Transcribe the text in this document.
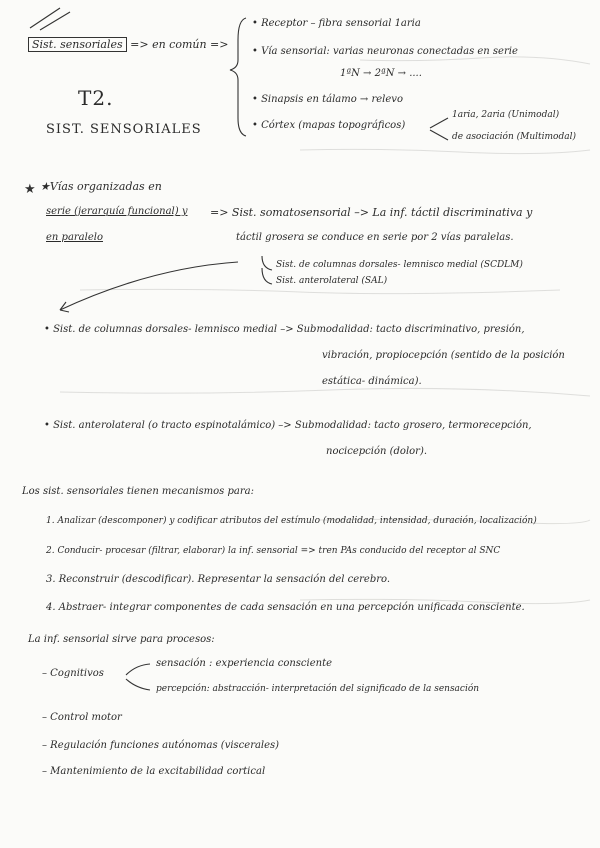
★
Sist. sensoriales => en común =>
T2.
SIST. SENSORIALES
• Receptor – fibra sensorial 1aria
• Vía sensorial: varias neuronas conectadas en serie
1ªN → 2ªN → ....
• Sinapsis en tálamo → relevo
• Córtex (mapas topográficos)
1aria, 2aria (Unimodal)
de asociación (Multimodal)
★Vías organizadas en
serie (jerarquía funcional) y
en paralelo
=> Sist. somatosensorial –> La inf. táctil discriminativa y
táctil grosera se conduce en serie por 2 vías paralelas.
Sist. de columnas dorsales- lemnisco medial (SCDLM)
Sist. anterolateral (SAL)
• Sist. de columnas dorsales- lemnisco medial –> Submodalidad: tacto discriminativo, presión,
vibración, propiocepción (sentido de la posición
estática- dinámica).
• Sist. anterolateral (o tracto espinotalámico) –> Submodalidad: tacto grosero, termorecepción,
nocicepción (dolor).
Los sist. sensoriales tienen mecanismos para:
1. Analizar (descomponer) y codificar atributos del estímulo (modalidad, intensidad, duración, localización)
2. Conducir- procesar (filtrar, elaborar) la inf. sensorial => tren PAs conducido del receptor al SNC
3. Reconstruir (descodificar). Representar la sensación del cerebro.
4. Abstraer- integrar componentes de cada sensación en una percepción unificada consciente.
La inf. sensorial sirve para procesos:
– Cognitivos
sensación : experiencia consciente
percepción: abstracción- interpretación del significado de la sensación
– Control motor
– Regulación funciones autónomas (viscerales)
– Mantenimiento de la excitabilidad cortical
